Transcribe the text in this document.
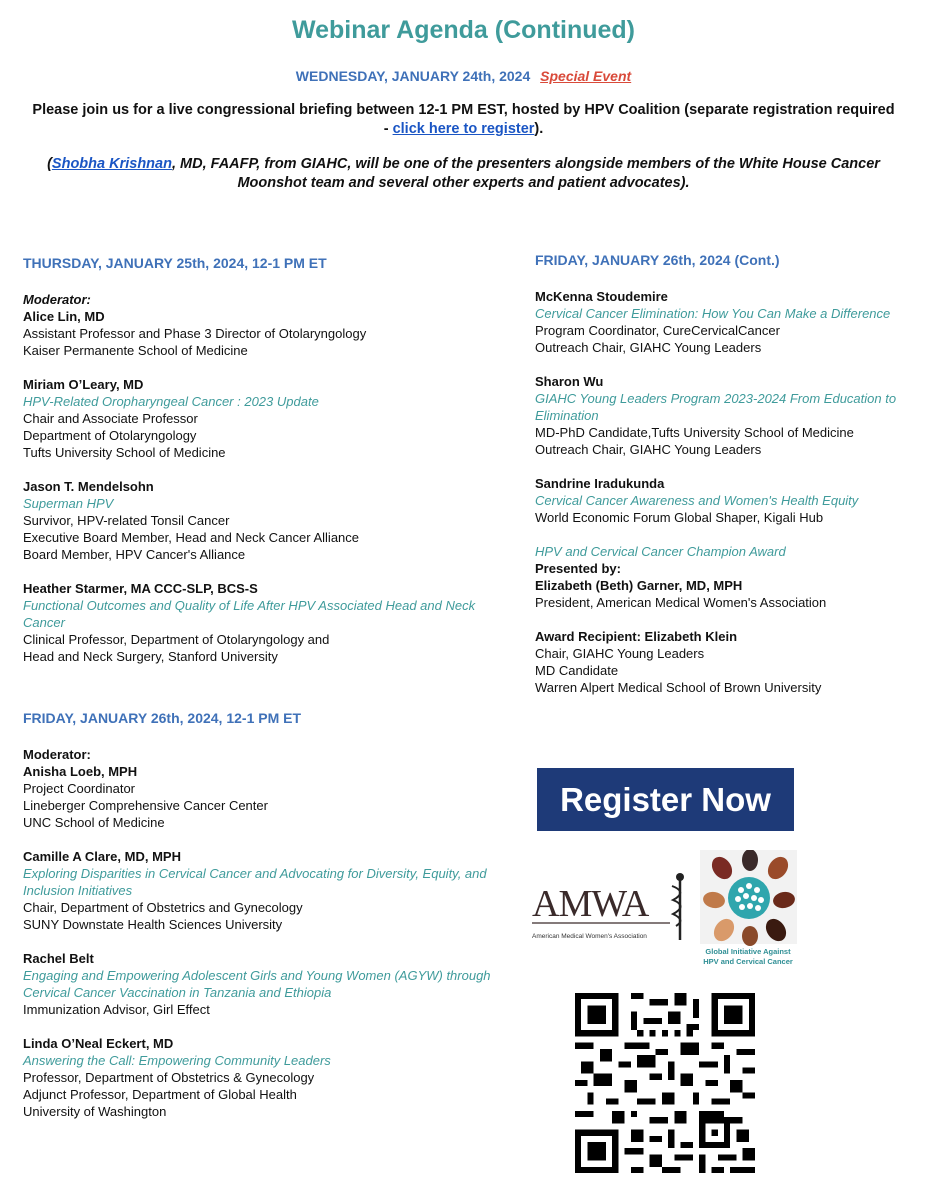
Webinar Agenda (Continued)
WEDNESDAY, JANUARY 24th, 2024 Special Event
Please join us for a live congressional briefing between 12-1 PM EST, hosted by HPV Coalition (separate registration required - click here to register).
(Shobha Krishnan, MD, FAAFP, from GIAHC, will be one of the presenters alongside members of the White House Cancer Moonshot team and several other experts and patient advocates).
THURSDAY, JANUARY 25th, 2024, 12-1 PM ET
Moderator:
Alice Lin, MD
Assistant Professor and Phase 3 Director of Otolaryngology
Kaiser Permanente School of Medicine
Miriam O’Leary, MD
HPV-Related Oropharyngeal Cancer : 2023 Update
Chair and Associate Professor
Department of Otolaryngology
Tufts University School of Medicine
Jason T. Mendelsohn
Superman HPV
Survivor, HPV-related Tonsil Cancer
Executive Board Member, Head and Neck Cancer Alliance
Board Member, HPV Cancer's Alliance
Heather Starmer, MA CCC-SLP, BCS-S
Functional Outcomes and Quality of Life After HPV Associated Head and Neck Cancer
Clinical Professor, Department of Otolaryngology and
Head and Neck Surgery, Stanford University
FRIDAY, JANUARY 26th, 2024, 12-1 PM ET
Moderator:
Anisha Loeb, MPH
Project Coordinator
Lineberger Comprehensive Cancer Center
UNC School of Medicine
Camille A Clare, MD, MPH
Exploring Disparities in Cervical Cancer and Advocating for Diversity, Equity, and Inclusion Initiatives
Chair, Department of Obstetrics and Gynecology
SUNY Downstate Health Sciences University
Rachel Belt
Engaging and Empowering Adolescent Girls and Young Women (AGYW) through Cervical Cancer Vaccination in Tanzania and Ethiopia
Immunization Advisor, Girl Effect
Linda O’Neal Eckert, MD
Answering the Call: Empowering Community Leaders
Professor, Department of Obstetrics & Gynecology
Adjunct Professor, Department of Global Health
University of Washington
FRIDAY, JANUARY 26th, 2024 (Cont.)
McKenna Stoudemire
Cervical Cancer Elimination: How You Can Make a Difference
Program Coordinator, CureCervicalCancer
Outreach Chair, GIAHC Young Leaders
Sharon Wu
GIAHC Young Leaders Program 2023-2024 From Education to Elimination
MD-PhD Candidate,Tufts University School of Medicine
Outreach Chair, GIAHC Young Leaders
Sandrine Iradukunda
Cervical Cancer Awareness and Women's Health Equity
World Economic Forum Global Shaper, Kigali Hub
HPV and Cervical Cancer Champion Award
Presented by:
Elizabeth (Beth) Garner, MD, MPH
President, American Medical Women's Association
Award Recipient: Elizabeth Klein
Chair, GIAHC Young Leaders
MD Candidate
Warren Alpert Medical School of Brown University
Register Now
AMWA
American Medical Women's Association
Global Initiative Against
HPV and Cervical Cancer
